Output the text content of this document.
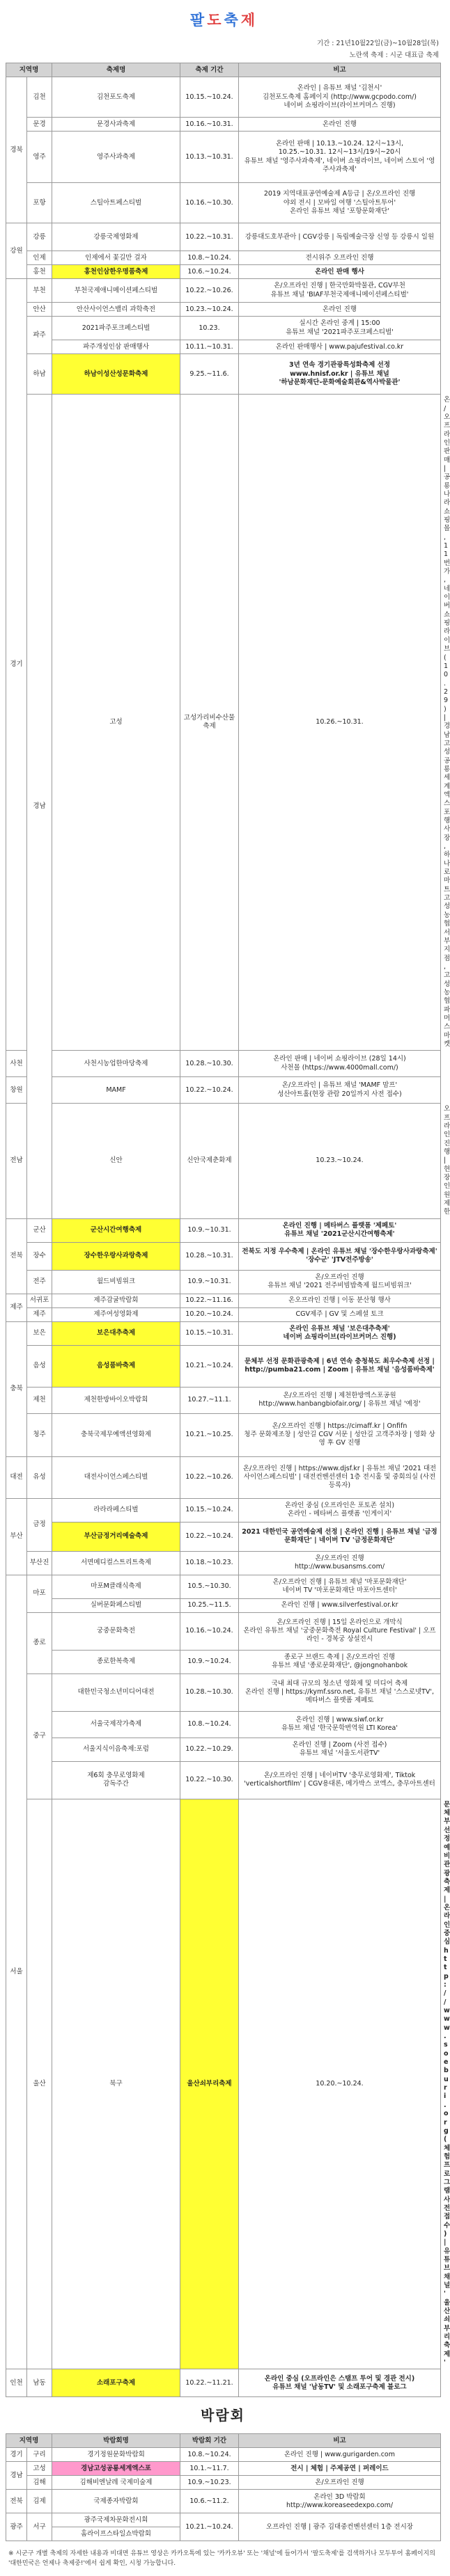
팔 도 축 제
기간 : 21년10월22일(금)~10월28일(목)
노란색 축제 : 시군 대표급 축제
지역명		축제명	축제 기간	비고	
경북	김천	김천포도축제	10.15.~10.24.	온라인 | 유튜브 채널 '김천시'
김천포도축제 홈페이지 (http://www.gcpodo.com/)
네이버 쇼핑라이브(라이브커머스 진행)	
	문경	문경사과축제	10.16.~10.31.	온라인 진행	
	영주	영주사과축제	10.13.~10.31.	온라인 판매 | 10.13.~10.24. 12시~13시,
10.25.~10.31. 12시~13시/19시~20시
유튜브 채널 '영주사과축제', 네이버 쇼핑라이브, 네이버 스토어 '영주사과축제'	
	포항	스틸아트페스티벌	10.16.~10.30.	2019 지역대표공연예술제 A등급 | 온/오프라인 진행
야외 전시 | 모바일 여행 '스틸아트투어'
온라인 유튜브 채널 '포항문화재단'	
강원	강릉	강릉국제영화제	10.22.~10.31.	강릉대도호부관아 | CGV강릉 | 독립예술극장 신영 등 강릉시 일원	
	인제	인제에서 꽃길만 걸자	10.8.~10.24.	전시위주 오프라인 진행	
	홍천	홍천인삼한우명품축제	10.6.~10.24.	온라인 판매 행사	
경기	부천	부천국제애니메이션페스티벌	10.22.~10.26.	온/오프라인 진행 | 한국만화박물관, CGV부천
유튜브 채널 'BIAF부천국제애니메이션페스티벌'	
	안산	안산사이언스밸리 과학축전	10.23.~10.24.	온라인 진행	
	파주	2021파주포크페스티벌	10.23.	실시간 온라인 중계 | 15:00
유튜브 채널 '2021파주포크페스티벌'	
		파주개성인삼 판매행사	10.11.~10.31.	온라인 판매행사 | www.pajufestival.co.kr	
	하남	하남이성산성문화축제	9.25.~11.6.	3년 연속 경기관광특성화축제 선정
www.hnisf.or.kr | 유튜브 채널
'하남문화재단-문화예술회관&역사박물관'	
	경남	고성	고성가리비수산물축제	10.26.~10.31.	온/오프라인 판매 | 공룡나라쇼핑몰, 11번가, 네이버 쇼핑라이브(10.29) | 경남고성공룡세계엑스포 행사장, 하나로마트 고성농협 서부지점, 고성농협파머스마켓
사천		사천시농업한마당축제	10.28.~10.30.	온라인 판매 | 네이버 쇼핑라이브 (28일 14시)
사천몰 (https://www.4000mall.com/)	
창원		MAMF	10.22.~10.24.	온/오프라인 | 유튜브 채널 'MAMF 맘프'
성산아트홀(현장 관람 20일까지 사전 접수)	
전남		신안	신안국제춘화제	10.23.~10.24.	오프라인 진행 | 현장 인원 제한
전북	군산	군산시간여행축제	10.9.~10.31.	온라인 진행 | 메타버스 플랫폼 '제페토'
유튜브 채널 '2021군산시간여행축제'	
	장수	장수한우랑사과랑축제	10.28.~10.31.	전북도 지정 우수축제 | 온라인 유튜브 채널 '장수한우랑사과랑축제' '장수군' 'JTV전주방송'	
	전주	월드비빔위크	10.9.~10.31.	온/오프라인 진행
유튜브 채널 '2021 전주비빔밥축제 월드비빔위크'	
제주	서귀포	제주감귤박람회	10.22.~11.16.	온오프라인 진행 | 이동 분산형 행사	
	제주	제주여성영화제	10.20.~10.24.	CGV제주 | GV 및 스페셜 토크	
충북	보은	보은대추축제	10.15.~10.31.	온라인 유튜브 채널 '보은대추축제'
네이버 쇼핑라이브(라이브커머스 진행)	
	음성	음성품바축제	10.21.~10.24.	문체부 선정 문화관광축제 | 6년 연속 충청북도 최우수축제 선정 | http://pumba21.com | Zoom | 유튜브 채널 '음성품바축제'	
	제천	제천한방바이오박람회	10.27.~11.1.	온/오프라인 진행 | 제천한방엑스포공원
http://www.hanbangbiofair.org/ | 유튜브 채널 '예정'	
	청주	충북국제무예액션영화제	10.21.~10.25.	온/오프라인 진행 | https://cimaff.kr | Onfifn
청주 문화제조창 | 성안길 CGV 서문 | 성안길 고객주차장 | 영화 상영 후 GV 진행	
대전	유성	대전사이언스페스티벌	10.22.~10.26.	온/오프라인 진행 | https://www.djsf.kr | 유튜브 채널 '2021 대전사이언스페스티벌' | 대전컨벤션센터 1층 전시홀 및 중회의실 (사전등록자)	
부산	금정	라라라페스티벌	10.15.~10.24.	온라인 중심 (오프라인은 포토존 설치)
온라인 - 메타버스 플랫폼 '인게이지'	
		부산금정거리예술축제	10.22.~10.24.	2021 대한민국 공연예술제 선정 | 온라인 진행 | 유튜브 채널 '금정문화재단' | 네이버 TV '금정문화재단'	
	부산진	서면메디컬스트리트축제	10.18.~10.23.	온/오프라인 진행
http://www.busansms.com/	
서울	마포	마포M클래식축제	10.5.~10.30.	온/오프라인 진행 | 유튜브 채널 '마포문화재단'
네이버 TV '마포문화재단 마포아트센터'	
		실버문화페스티벌	10.25.~11.5.	온라인 진행 | www.silverfestival.or.kr	
	종로	궁중문화축전	10.16.~10.24.	온/오프라인 진행 | 15일 온라인으로 개막식
온라인 유튜브 채널 '궁중문화축전 Royal Culture Festival' | 오프라인 - 경복궁 상설전시	
		종로한복축제	10.9.~10.24.	종로구 브랜드 축제 | 온/오프라인 진행
유튜브 채널 '종로문화재단', @jongnohanbok	
	중구	대한민국청소년미디어대전	10.28.~10.30.	국내 최대 규모의 청소년 영화제 및 미디어 축제
온라인 진행 | https://kymf.ssro.net, 유튜브 채널 '스스로넷TV', 메타버스 플랫폼 제페토	
		서울국제작가축제	10.8.~10.24.	온라인 진행 | www.siwf.or.kr
유튜브 채널 '한국문학번역원 LTI Korea'	
		서울지식이음축제:포럼	10.22.~10.29.	온라인 진행 | Zoom (사전 접수)
유튜브 채널 '서울도서관TV'	
		제6회 충무로영화제
감독주간	10.22.~10.30.	온/오프라인 진행 | 네이버TV '충무로영화제', Tiktok 'verticalshortfilm' | CGV용대론, 메가박스 코엑스, 충무아트센터	
	울산	북구	울산쇠부리축제	10.20.~10.24.	문체부 선정 예비관광축제 | 온라인 중심
http://www.soeburi.org (체험 프로그램 사전접수) | 유튜브 채널 '울산쇠부리축제'
인천	남동	소래포구축제	10.22.~11.21.	온라인 중심 (오프라인은 스탬프 투어 및 경관 전시)
유튜브 채널 '남동TV' 및 소래포구축제 블로그	
박 람 회
지역명		박람회명	박람회 기간	비고
경기	구리	경기정원문화박람회	10.8.~10.24.	온라인 진행 | www.gurigarden.com
경남	고성	경남고성공룡세계엑스포	10.1.~11.7.	전시 | 체험 | 주제공연 | 퍼레이드
	김해	김해비엔날레 국제미술제	10.9.~10.23.	온/오프라인 진행
전북	김제	국제종자박람회	10.6.~11.2.	온라인 3D 박람회
http://www.koreaseedexpo.com/
광주	서구	광주국제차문화전시회	10.21.~10.24.	오프라인 진행 | 광주 김대중컨벤션센터 1층 전시장
		홈라이프스타일쇼박람회		
※ 시군구 개별 축제의 자세한 내용과 비대면 유튜브 영상은 카카오톡에 있는 '카카오뷰' 또는 '채널'에 들어가서 '팔도축제'를 검색하거나 모두투어 홈페이지의 '대한민국은 언제나 축제중!'에서 쉽게 확인, 시청 가능합니다.
